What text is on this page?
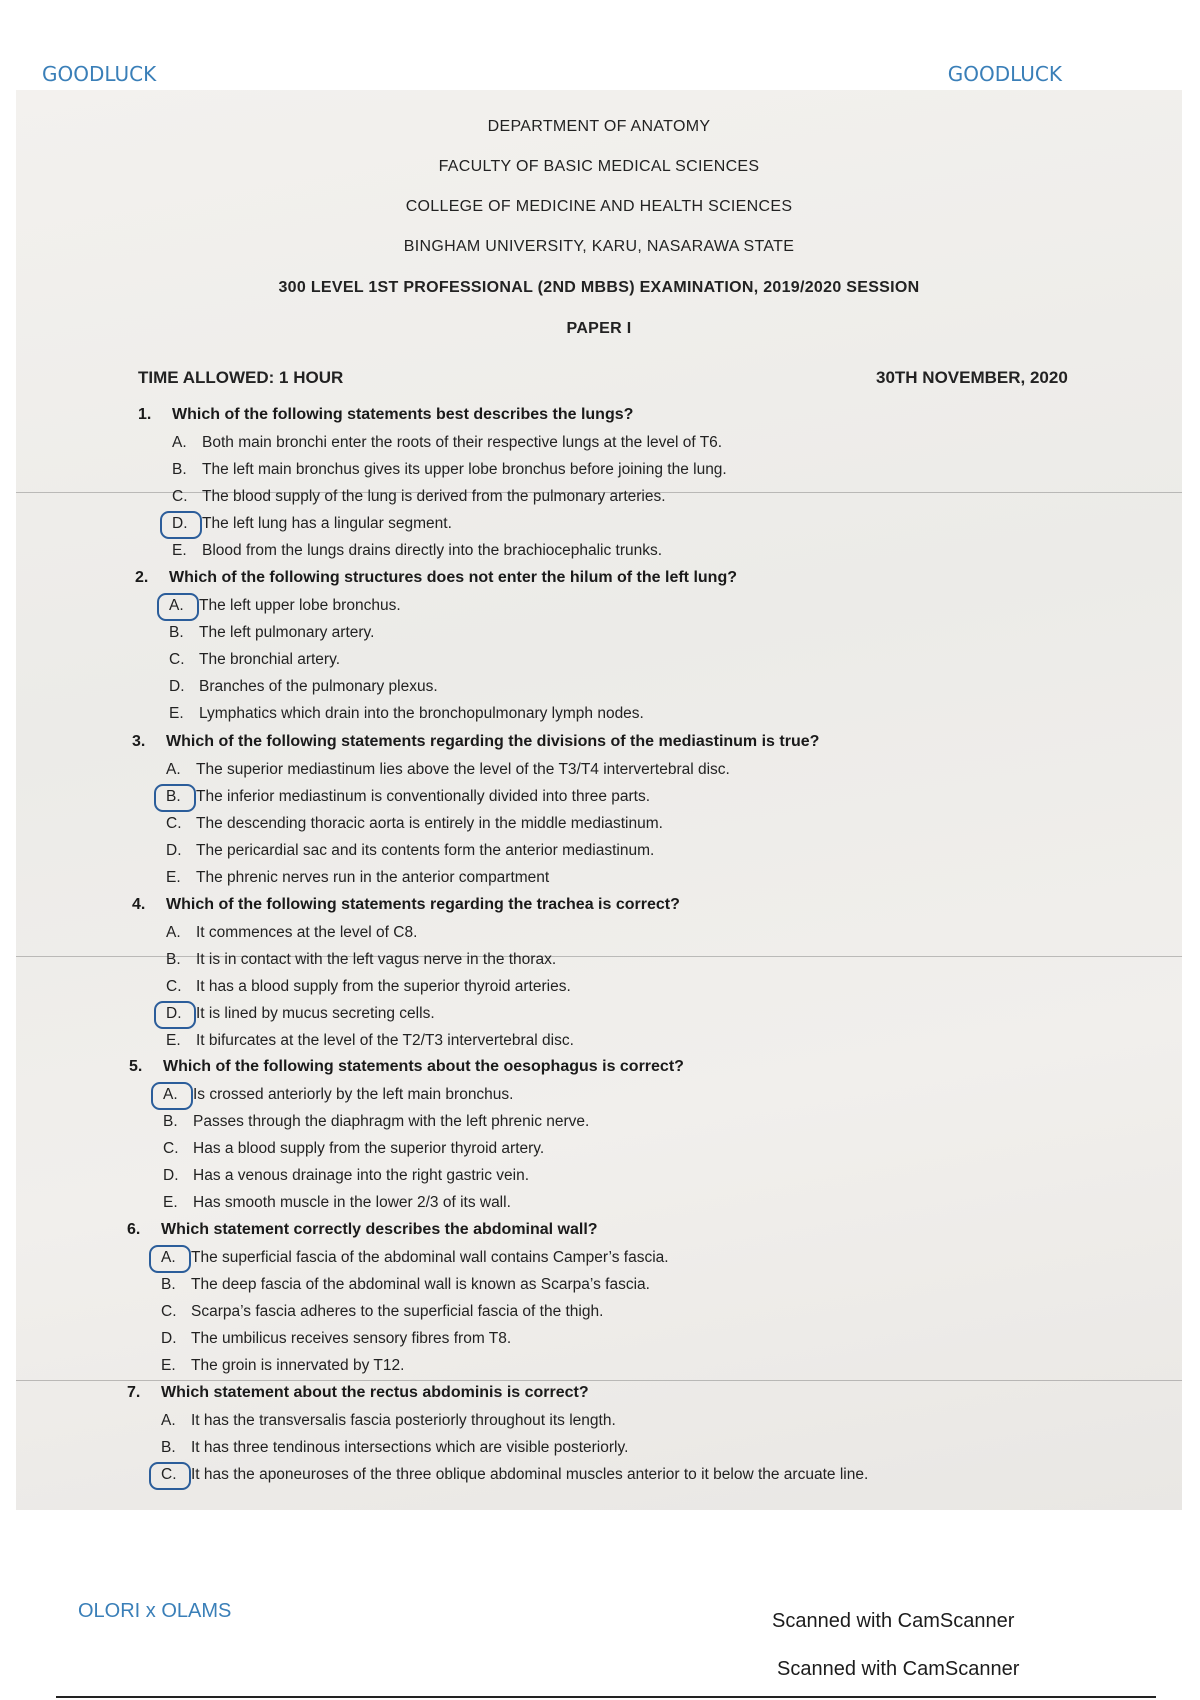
GOODLUCK	GOODLUCK
DEPARTMENT OF ANATOMY
FACULTY OF BASIC MEDICAL SCIENCES
COLLEGE OF MEDICINE AND HEALTH SCIENCES
BINGHAM UNIVERSITY, KARU, NASARAWA STATE
300 LEVEL 1ST PROFESSIONAL (2ND MBBS) EXAMINATION, 2019/2020 SESSION
PAPER I
TIME ALLOWED: 1 HOUR	30TH NOVEMBER, 2020
1. Which of the following statements best describes the lungs?
A. Both main bronchi enter the roots of their respective lungs at the level of T6.
B. The left main bronchus gives its upper lobe bronchus before joining the lung.
C. The blood supply of the lung is derived from the pulmonary arteries.
D. The left lung has a lingular segment.
E. Blood from the lungs drains directly into the brachiocephalic trunks.
2. Which of the following structures does not enter the hilum of the left lung?
A. The left upper lobe bronchus.
B. The left pulmonary artery.
C. The bronchial artery.
D. Branches of the pulmonary plexus.
E. Lymphatics which drain into the bronchopulmonary lymph nodes.
3. Which of the following statements regarding the divisions of the mediastinum is true?
A. The superior mediastinum lies above the level of the T3/T4 intervertebral disc.
B. The inferior mediastinum is conventionally divided into three parts.
C. The descending thoracic aorta is entirely in the middle mediastinum.
D. The pericardial sac and its contents form the anterior mediastinum.
E. The phrenic nerves run in the anterior compartment
4. Which of the following statements regarding the trachea is correct?
A. It commences at the level of C8.
B. It is in contact with the left vagus nerve in the thorax.
C. It has a blood supply from the superior thyroid arteries.
D. It is lined by mucus secreting cells.
E. It bifurcates at the level of the T2/T3 intervertebral disc.
5. Which of the following statements about the oesophagus is correct?
A. Is crossed anteriorly by the left main bronchus.
B. Passes through the diaphragm with the left phrenic nerve.
C. Has a blood supply from the superior thyroid artery.
D. Has a venous drainage into the right gastric vein.
E. Has smooth muscle in the lower 2/3 of its wall.
6. Which statement correctly describes the abdominal wall?
A. The superficial fascia of the abdominal wall contains Camper’s fascia.
B. The deep fascia of the abdominal wall is known as Scarpa’s fascia.
C. Scarpa’s fascia adheres to the superficial fascia of the thigh.
D. The umbilicus receives sensory fibres from T8.
E. The groin is innervated by T12.
7. Which statement about the rectus abdominis is correct?
A. It has the transversalis fascia posteriorly throughout its length.
B. It has three tendinous intersections which are visible posteriorly.
C. It has the aponeuroses of the three oblique abdominal muscles anterior to it below the arcuate line.
OLORI x OLAMS	Scanned with CamScanner
Scanned with CamScanner
